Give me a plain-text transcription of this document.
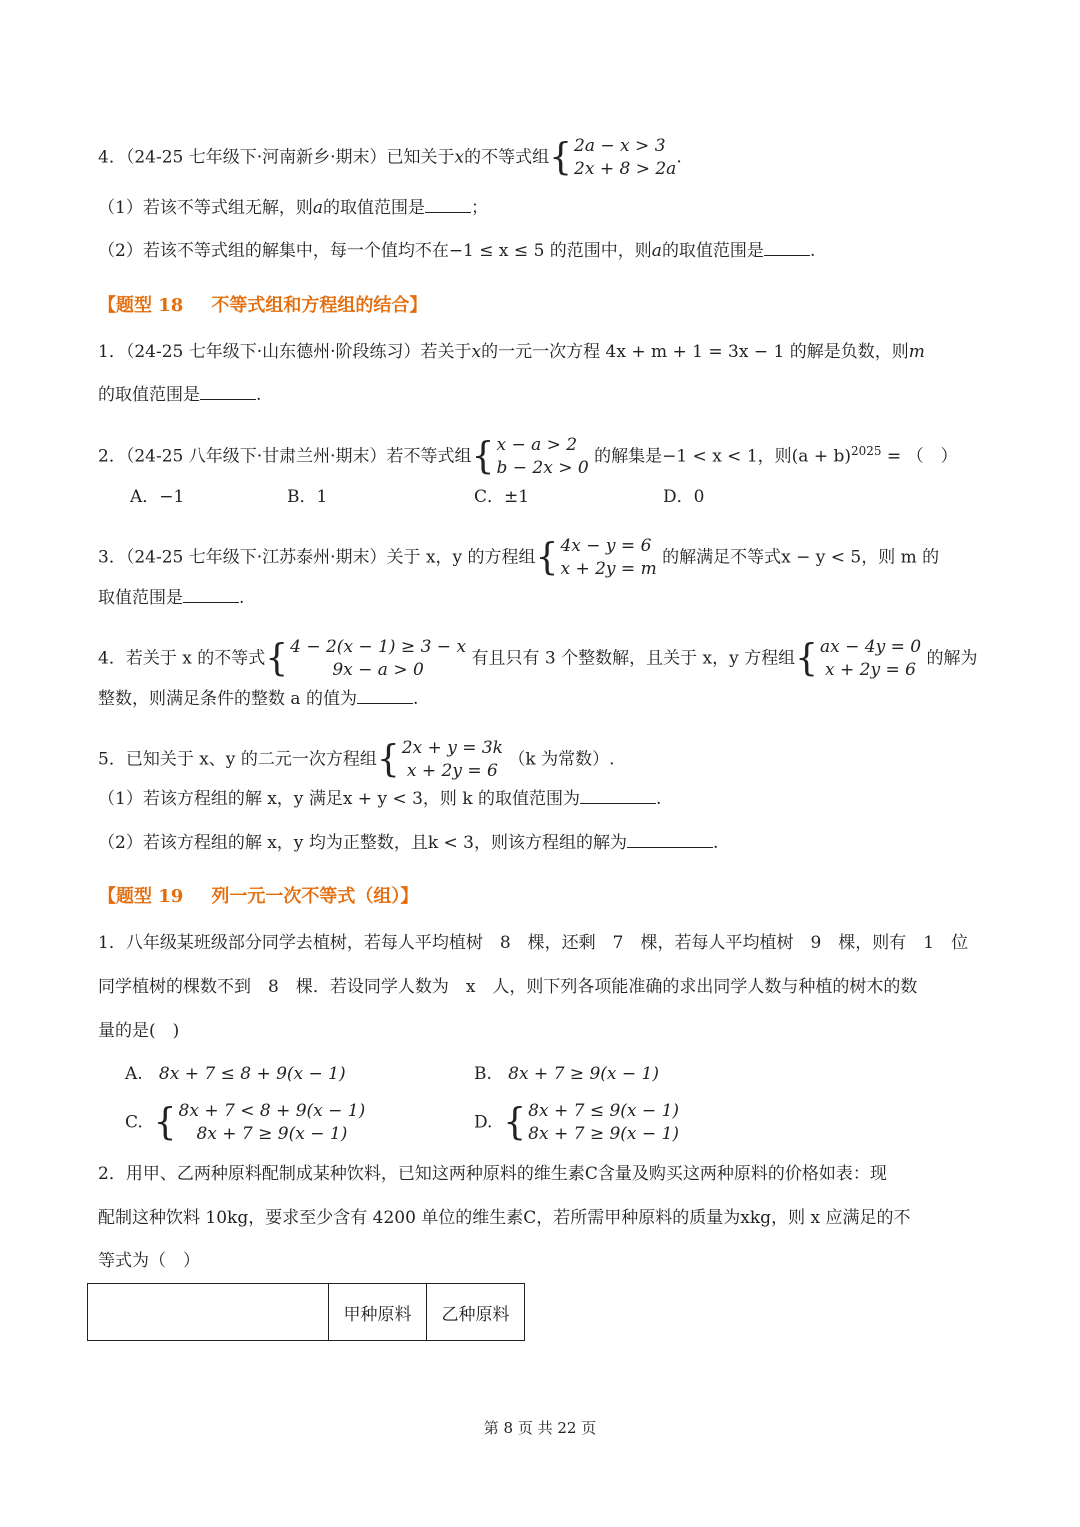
4．（24-25 七年级下·河南新乡·期末）已知关于x的不等式组 { 2a − x > 3
2x + 8 > 2a
.
（1）若该不等式组无解，则a的取值范围是	；
（2）若该不等式组的解集中，每一个值均不在−1 ≤ x ≤ 5 的范围中，则a的取值范围是	.
【题型 18 不等式组和方程组的结合】
1．（24-25 七年级下·山东德州·阶段练习）若关于x的一元一次方程 4x + m + 1 = 3x − 1 的解是负数，则m
的取值范围是	.
2．（24-25 八年级下·甘肃兰州·期末）若不等式组 { x − a > 2
b − 2x > 0
的解集是−1 < x < 1，则$(a + b)^{2025}$ = （　）
A．−1	B．1	C．±1	D．0
3．（24-25 七年级下·江苏泰州·期末）关于 x，y 的方程组 { 4x − y = 6
x + 2y = m
的解满足不等式x − y < 5，则 m 的
取值范围是	.
4．若关于 x 的不等式 { 4 − 2(x − 1) ≥ 3 − x
9x − a > 0
有且只有 3 个整数解，且关于 x，y 方程组 { ax − 4y = 0
x + 2y = 6
的解为
整数，则满足条件的整数 a 的值为	.
5．已知关于 x、y 的二元一次方程组 { 2x + y = 3k
x + 2y = 6
（k 为常数）.
（1）若该方程组的解 x，y 满足x + y < 3，则 k 的取值范围为	.
（2）若该方程组的解 x，y 均为正整数，且k < 3，则该方程组的解为	.
【题型 19 列一元一次不等式（组）】
1．八年级某班级部分同学去植树，若每人平均植树　8　棵，还剩　7　棵，若每人平均植树　9　棵，则有　1　位
同学植树的棵数不到　8　棵．若设同学人数为　x　人，则下列各项能准确的求出同学人数与种植的树木的数
量的是(　)
A. 8x + 7 ≤ 8 + 9(x − 1)	B. 8x + 7 ≥ 9(x − 1)
C. { 8x + 7 < 8 + 9(x − 1)
8x + 7 ≥ 9(x − 1)
D. { 8x + 7 ≤ 9(x − 1)
8x + 7 ≥ 9(x − 1)
2．用甲、乙两种原料配制成某种饮料，已知这两种原料的维生素C含量及购买这两种原料的价格如表：现
配制这种饮料 10kg，要求至少含有 4200 单位的维生素C，若所需甲种原料的质量为xkg，则 x 应满足的不
等式为（　）
	甲种原料	乙种原料
第 8 页 共 22 页
